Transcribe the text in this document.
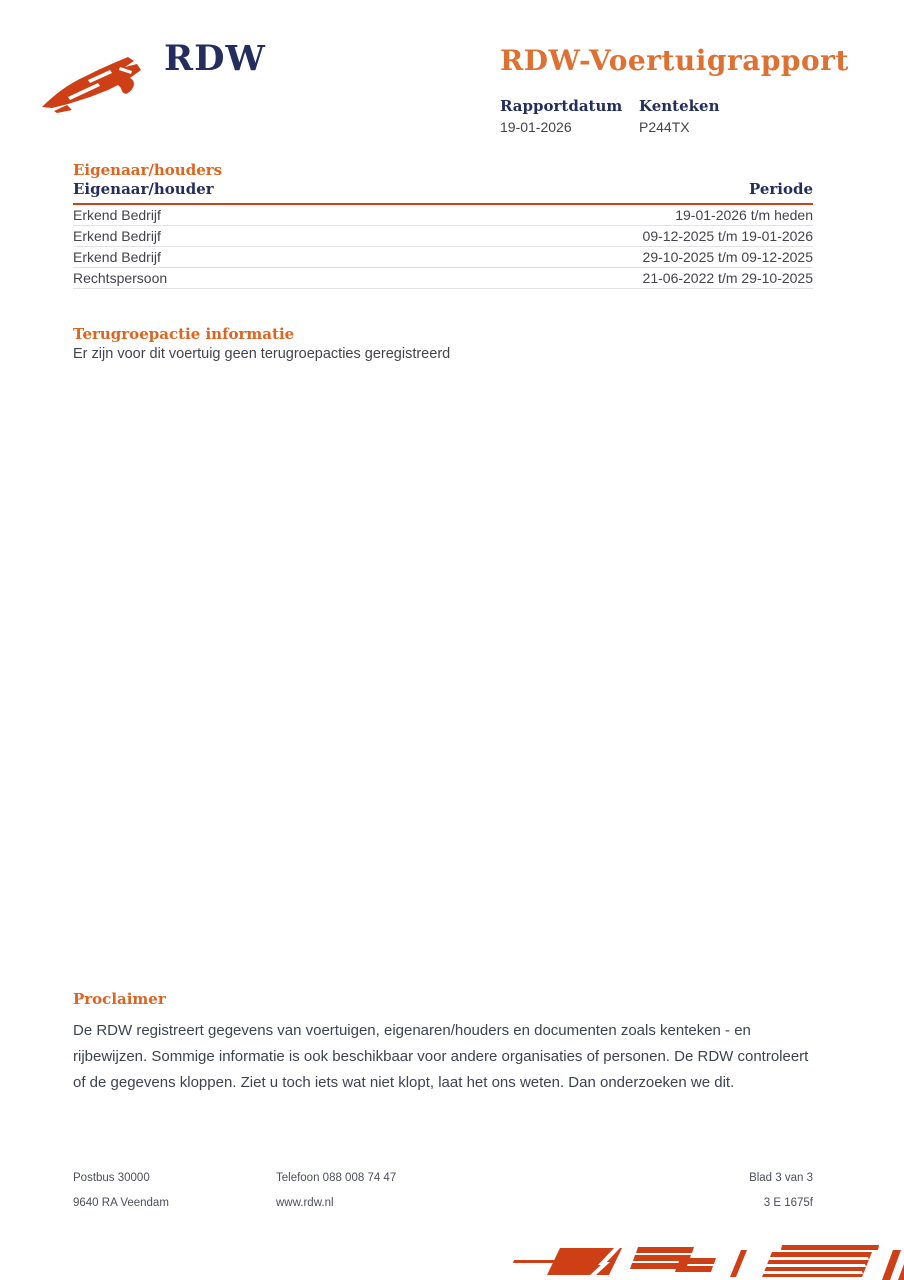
RDW	RDW-Voertuigrapport
Rapportdatum
19-01-2026
Kenteken
P244TX
Eigenaar/houders
Eigenaar/houder	Periode
Erkend Bedrijf	19-01-2026 t/m heden
Erkend Bedrijf	09-12-2025 t/m 19-01-2026
Erkend Bedrijf	29-10-2025 t/m 09-12-2025
Rechtspersoon	21-06-2022 t/m 29-10-2025
Terugroepactie informatie
Er zijn voor dit voertuig geen terugroepacties geregistreerd
Proclaimer
De RDW registreert gegevens van voertuigen, eigenaren/houders en documenten zoals kenteken - en rijbewijzen. Sommige informatie is ook beschikbaar voor andere organisaties of personen. De RDW controleert of de gegevens kloppen. Ziet u toch iets wat niet klopt, laat het ons weten. Dan onderzoeken we dit.
Postbus 30000
9640 RA Veendam
Telefoon 088 008 74 47
www.rdw.nl
Blad 3 van 3
3 E 1675f
